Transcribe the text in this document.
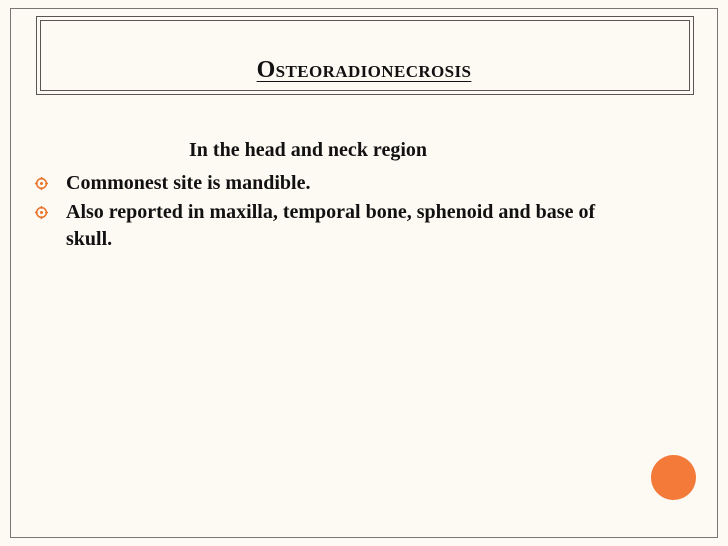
Osteoradionecrosis
In the head and neck region
Commonest site is mandible.
Also reported in maxilla, temporal bone, sphenoid and base of skull.
